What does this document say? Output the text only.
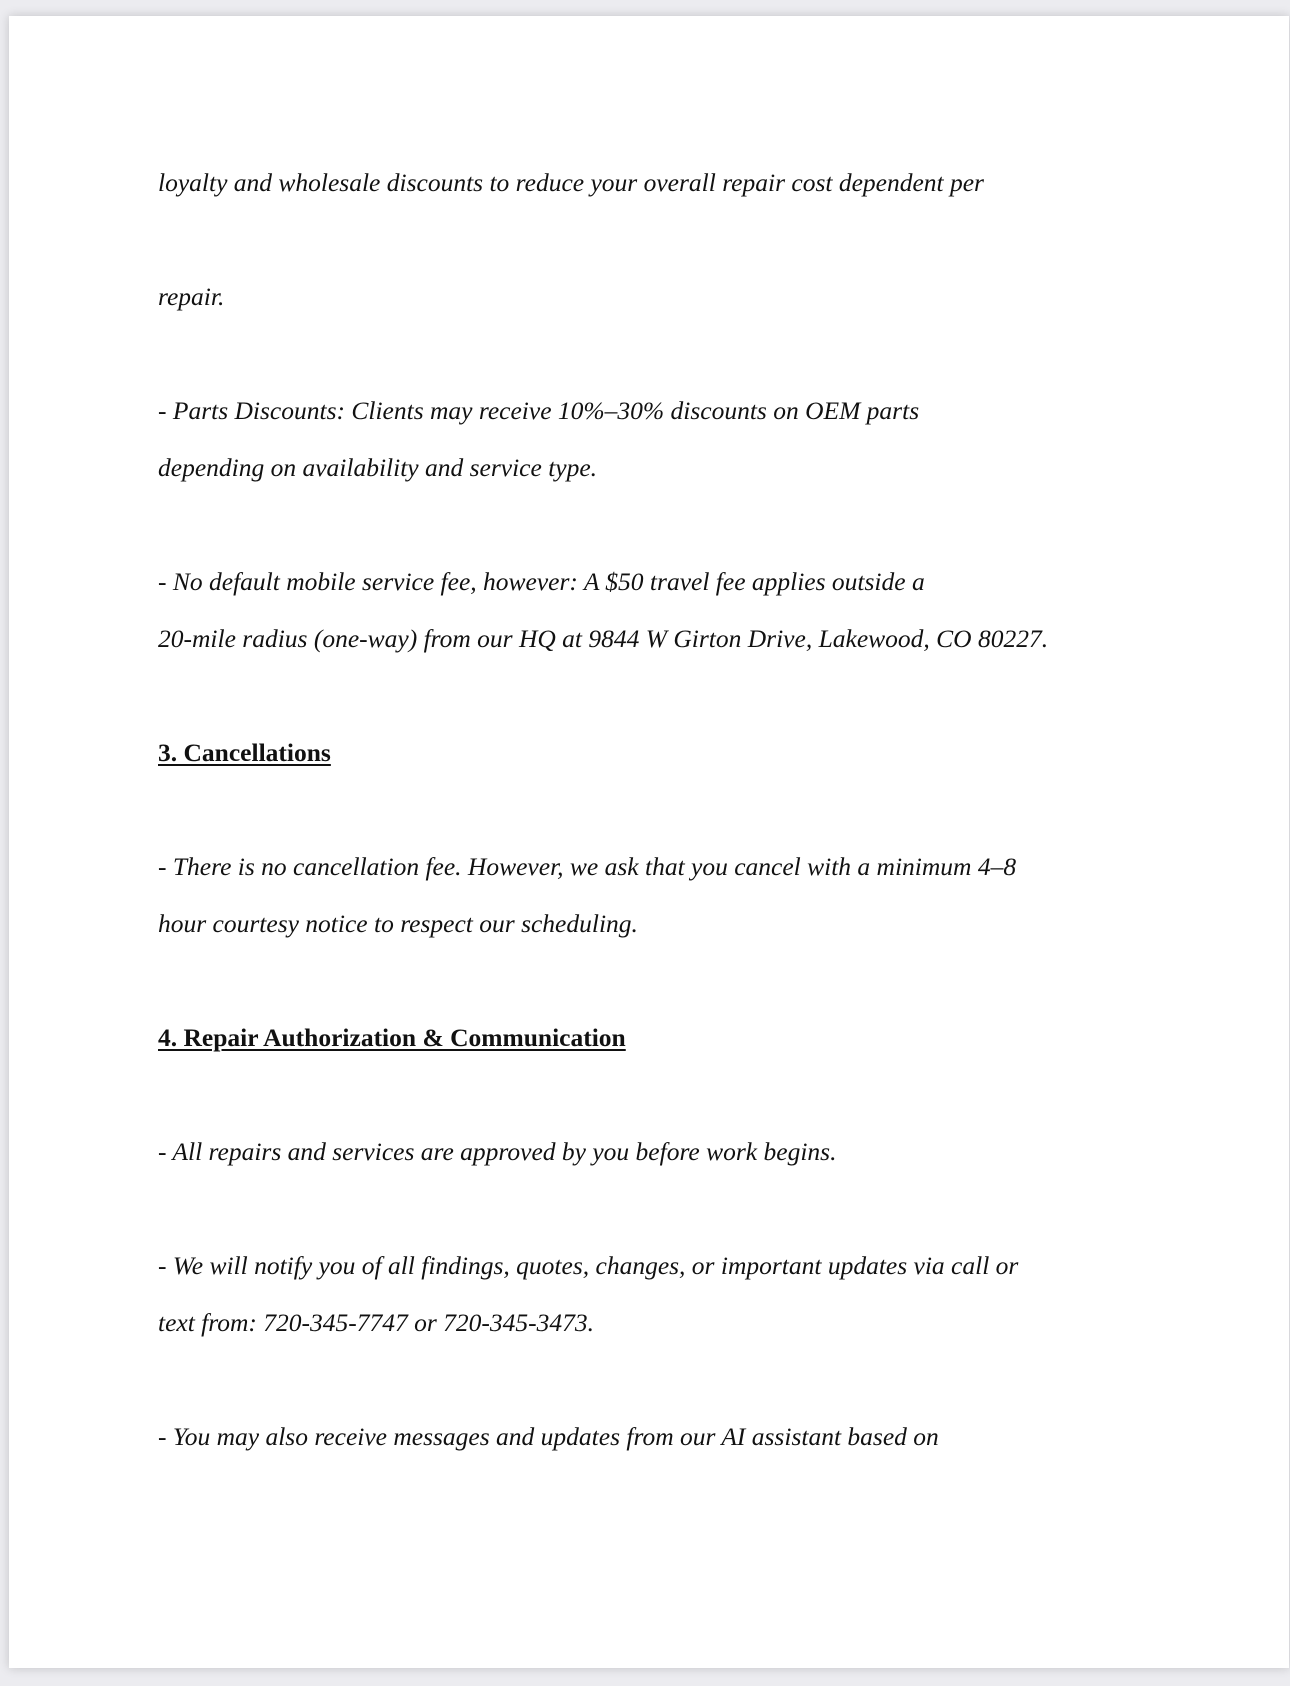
loyalty and wholesale discounts to reduce your overall repair cost dependent per

repair.

- Parts Discounts: Clients may receive 10%–30% discounts on OEM parts

depending on availability and service type.

- No default mobile service fee, however: A $50 travel fee applies outside a

20-mile radius (one-way) from our HQ at 9844 W Girton Drive, Lakewood, CO 80227.

3. Cancellations

- There is no cancellation fee. However, we ask that you cancel with a minimum 4–8

hour courtesy notice to respect our scheduling.

4. Repair Authorization & Communication

- All repairs and services are approved by you before work begins.

- We will notify you of all findings, quotes, changes, or important updates via call or

text from: 720-345-7747 or 720-345-3473.

- You may also receive messages and updates from our AI assistant based on
